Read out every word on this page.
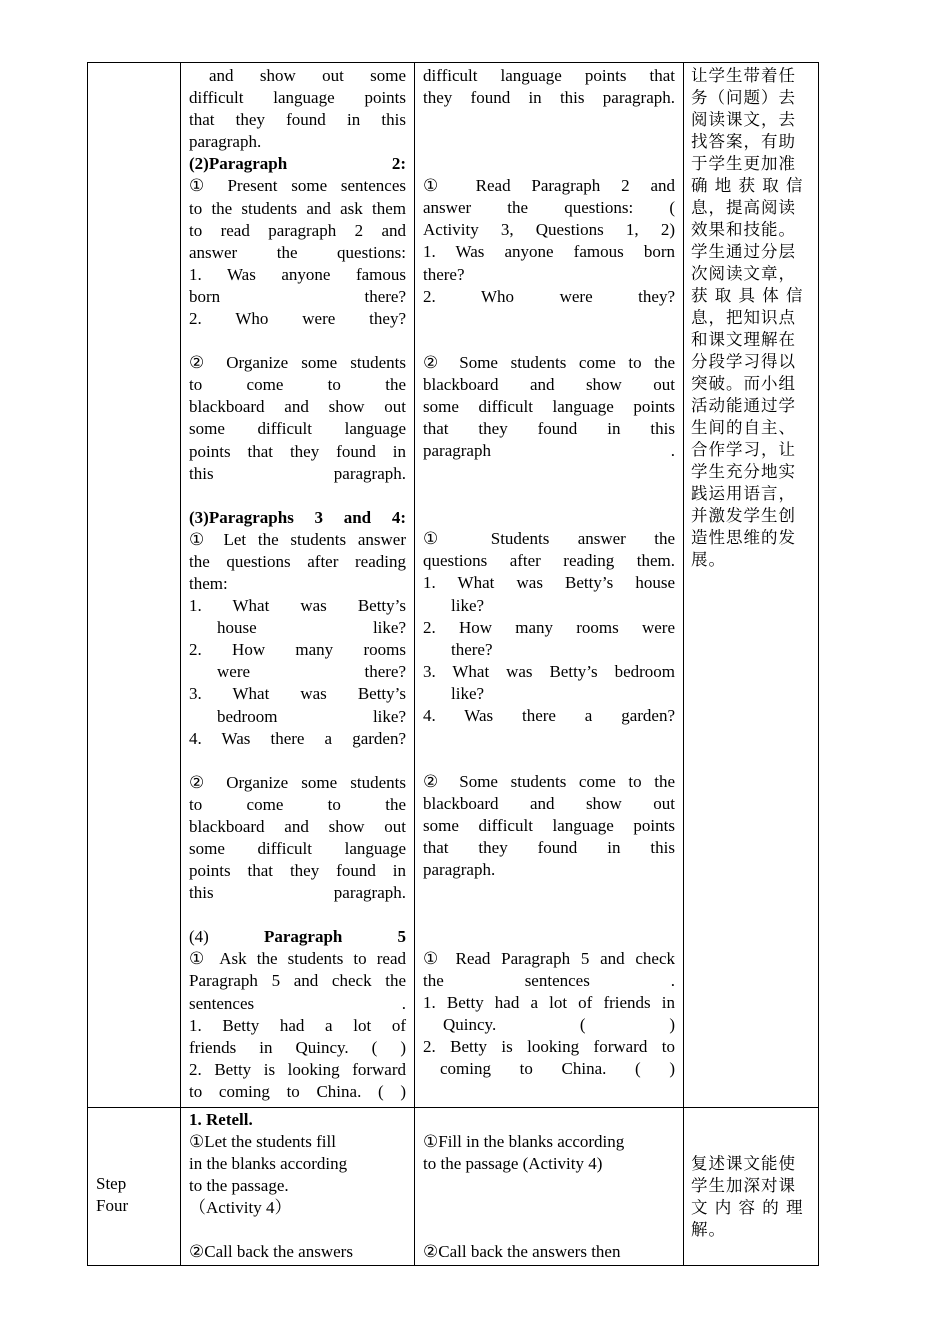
and show out some
difficult language points
that they found in this
paragraph.
(2)Paragraph 2:
① Present some sentences
to the students and ask them
to read paragraph 2 and
answer the questions:
1. Was anyone famous
born there?
2. Who were they?
② Organize some students
to come to the
blackboard and show out
some difficult language
points that they found in
this paragraph.
(3)Paragraphs 3 and 4:
① Let the students answer
the questions after reading
them:
1. What was Betty’s
house like?
2. How many rooms
were there?
3. What was Betty’s
bedroom like?
4. Was there a garden?
② Organize some students
to come to the
blackboard and show out
some difficult language
points that they found in
this paragraph.
(4)	Paragraph 5
① Ask the students to read
Paragraph 5 and check the
sentences .
1. Betty had a lot of
friends in Quincy. ( )
2. Betty is looking forward
to coming to China. ( )
difficult language points that
they found in this paragraph.
① Read Paragraph 2 and
answer the questions: (
Activity 3, Questions 1, 2)
1. Was anyone famous born
there?
2. Who were they?
② Some students come to the
blackboard and show out
some difficult language points
that they found in this
paragraph .
① Students answer the
questions after reading them.
1. What was Betty’s house
like?
2. How many rooms were
there?
3. What was Betty’s bedroom
like?
4. Was there a garden?
② Some students come to the
blackboard and show out
some difficult language points
that they found in this
paragraph.
① Read Paragraph 5 and check
the sentences .
1. Betty had a lot of friends in
Quincy. ( )
2. Betty is looking forward to
coming to China. ( )
让学生带着任
务（问题）去
阅读课文，去
找答案，有助
于学生更加准
确 地 获 取 信
息，提高阅读
效果和技能。
学生通过分层
次阅读文章，
获 取 具 体 信
息，把知识点
和课文理解在
分段学习得以
突破。而小组
活动能通过学
生间的自主、
合作学习，让
学生充分地实
践运用语言，
并激发学生创
造性思维的发
展。
Step
Four
1. Retell.
①Let the students fill
in the blanks according
to the passage.
（Activity 4）
②Call back the answers
①Fill in the blanks according
to the passage (Activity 4)
②Call back the answers then
复述课文能使
学生加深对课
文 内 容 的 理
解。
